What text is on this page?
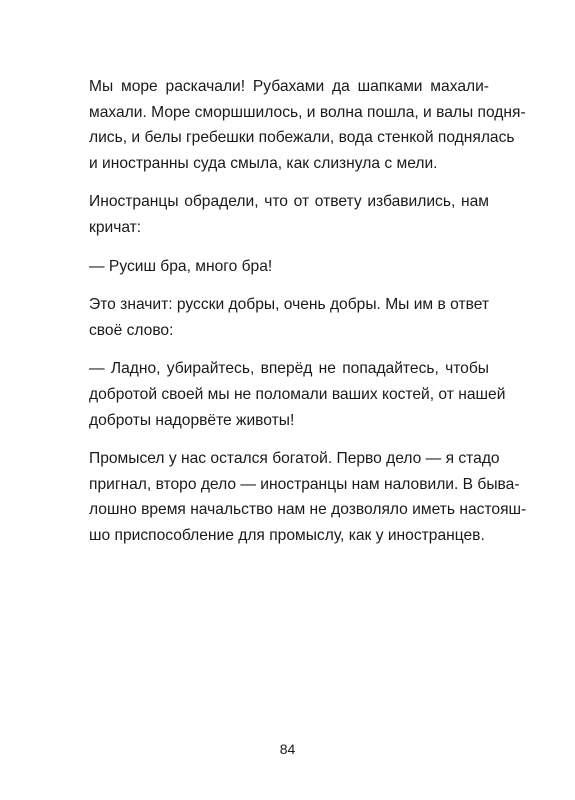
Мы море раскачали! Рубахами да шапками махали-
махали. Море сморшшилось, и волна пошла, и валы подня-
лись, и белы гребешки побежали, вода стенкой поднялась
и иностранны суда смыла, как слизнула с мели.

Иностранцы обрадели, что от ответу избавились, нам
кричат:

— Русиш бра, много бра!

Это значит: русски добры, очень добры. Мы им в ответ
своё слово:

— Ладно, убирайтесь, вперёд не попадайтесь, чтобы
добротой своей мы не поломали ваших костей, от нашей
доброты надорвёте животы!

Промысел у нас остался богатой. Перво дело — я стадо
пригнал, второ дело — иностранцы нам наловили. В быва-
лошно время начальство нам не дозволяло иметь настояш-
шо приспособление для промыслу, как у иностранцев.

84
